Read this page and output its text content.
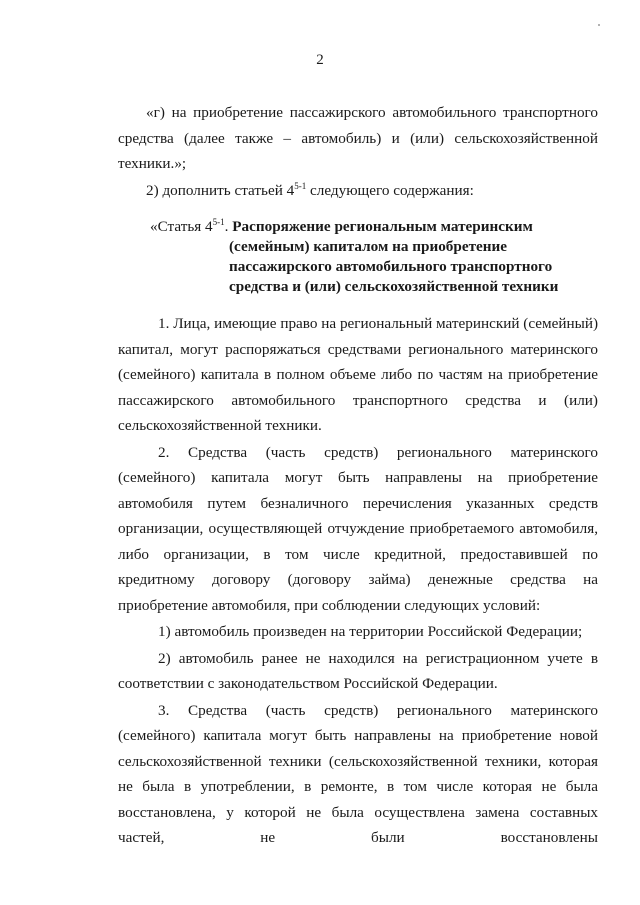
2

«г) на приобретение пассажирского автомобильного транспортного средства (далее также – автомобиль) и (или) сельскохозяйственной техники.»;

2) дополнить статьей 4$^{5-1}$ следующего содержания:

«Статья 4$^{5-1}$. Распоряжение региональным материнским
(семейным) капиталом на приобретение
пассажирского автомобильного транспортного
средства и (или) сельскохозяйственной техники

1. Лица, имеющие право на региональный материнский (семейный) капитал, могут распоряжаться средствами регионального материнского (семейного) капитала в полном объеме либо по частям на приобретение пассажирского автомобильного транспортного средства и (или) сельскохозяйственной техники.

2. Средства (часть средств) регионального материнского (семейного) капитала могут быть направлены на приобретение автомобиля путем безналичного перечисления указанных средств организации, осуществляющей отчуждение приобретаемого автомобиля, либо организации, в том числе кредитной, предоставившей по кредитному договору (договору займа) денежные средства на приобретение автомобиля, при соблюдении следующих условий:

1) автомобиль произведен на территории Российской Федерации;

2) автомобиль ранее не находился на регистрационном учете в соответствии с законодательством Российской Федерации.

3. Средства (часть средств) регионального материнского (семейного) капитала могут быть направлены на приобретение новой сельскохозяйственной техники (сельскохозяйственной техники, которая не была в употреблении, в ремонте, в том числе которая не была восстановлена, у которой не была осуществлена замена составных частей, не были восстановлены
